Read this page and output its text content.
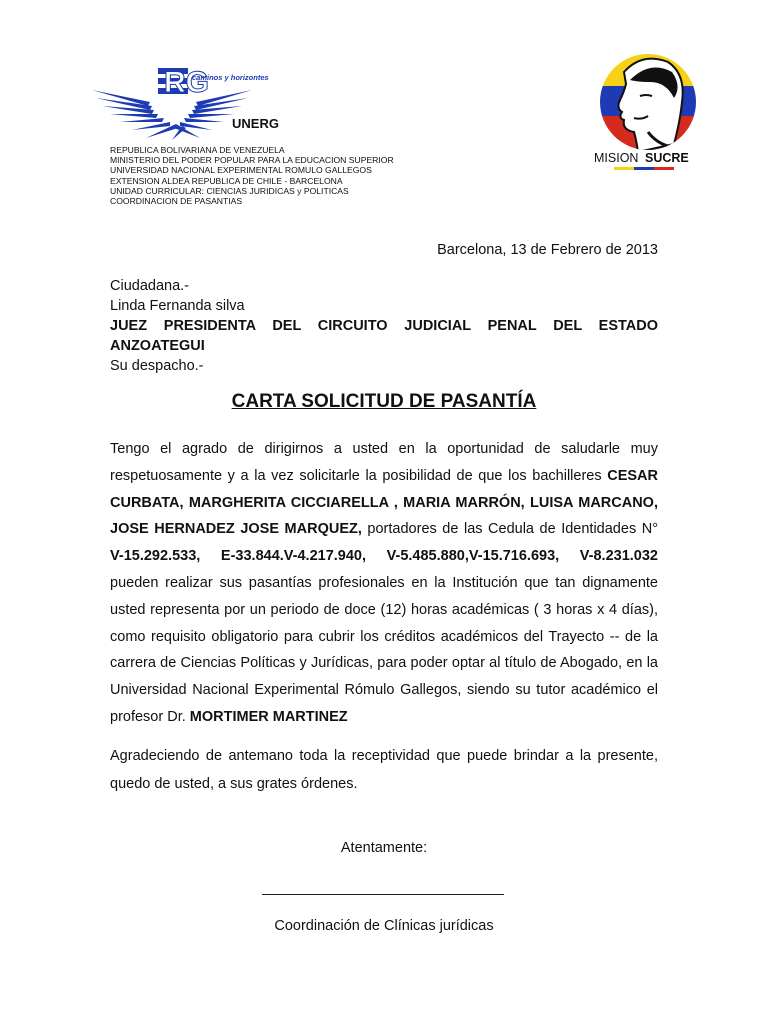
RG
caminos y horizontes
UNERG
REPUBLICA BOLIVARIANA DE VENEZUELA
MINISTERIO DEL PODER POPULAR PARA LA EDUCACION SUPERIOR
UNIVERSIDAD NACIONAL EXPERIMENTAL ROMULO GALLEGOS
EXTENSION ALDEA REPUBLICA DE CHILE - BARCELONA
UNIDAD CURRICULAR: CIENCIAS JURIDICAS y POLITICAS
COORDINACION DE PASANTIAS
MISION SUCRE
Barcelona, 13 de Febrero de 2013
Ciudadana.-
Linda Fernanda silva
JUEZ PRESIDENTA DEL CIRCUITO JUDICIAL PENAL DEL ESTADO ANZOATEGUI
Su despacho.-
CARTA SOLICITUD DE PASANTÍA
Tengo el agrado de dirigirnos a usted en la oportunidad de saludarle muy respetuosamente y a la vez solicitarle la posibilidad de que los bachilleres CESAR CURBATA, MARGHERITA CICCIARELLA , MARIA MARRÓN, LUISA MARCANO, JOSE HERNADEZ JOSE MARQUEZ, portadores de las Cedula de Identidades N° V-15.292.533, E-33.844.V-4.217.940, V-5.485.880,V-15.716.693, V-8.231.032 pueden realizar sus pasantías profesionales en la Institución que tan dignamente usted representa por un periodo de doce (12) horas académicas ( 3 horas x 4 días), como requisito obligatorio para cubrir los créditos académicos del Trayecto -- de la carrera de Ciencias Políticas y Jurídicas, para poder optar al título de Abogado, en la Universidad Nacional Experimental Rómulo Gallegos, siendo su tutor académico el profesor Dr. MORTIMER MARTINEZ
Agradeciendo de antemano toda la receptividad que puede brindar a la presente, quedo de usted, a sus grates órdenes.
Atentamente:
Coordinación de Clínicas jurídicas
